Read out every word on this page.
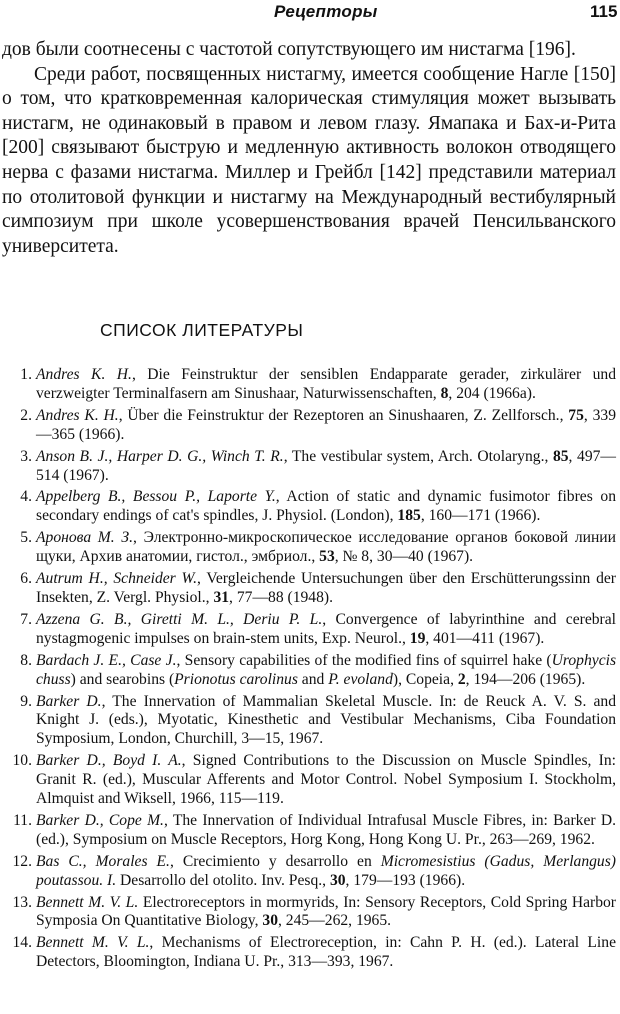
Рецепторы	115

дов были соотнесены с частотой сопутствующего им нистагма [196].

Среди работ, посвященных нистагму, имеется сообщение Нагле [150] о том, что кратковременная калорическая стимуляция может вызывать нистагм, не одинаковый в правом и левом глазу. Ямапака и Бах-и-Рита [200] связывают быструю и медленную активность волокон отводящего нерва с фазами нистагма. Миллер и Грейбл [142] представили материал по отолитовой функции и нистагму на Международный вестибулярный симпозиум при школе усовершенствования врачей Пенсильванского университета.

СПИСОК ЛИТЕРАТУРЫ
1. Andres K. H., Die Feinstruktur der sensiblen Endapparate gerader, zirkulärer und verzweigter Terminalfasern am Sinushaar, Naturwissenschaften, 8, 204 (1966a).
2. Andres K. H., Über die Feinstruktur der Rezeptoren an Sinushaaren, Z. Zellforsch., 75, 339—365 (1966).
3. Anson B. J., Harper D. G., Winch T. R., The vestibular system, Arch. Otolaryng., 85, 497—514 (1967).
4. Appelberg B., Bessou P., Laporte Y., Action of static and dynamic fusimotor fibres on secondary endings of cat's spindles, J. Physiol. (London), 185, 160—171 (1966).
5. Аронова М. З., Электронно-микроскопическое исследование органов боковой линии щуки, Архив анатомии, гистол., эмбриол., 53, № 8, 30—40 (1967).
6. Autrum H., Schneider W., Vergleichende Untersuchungen über den Erschütterungssinn der Insekten, Z. Vergl. Physiol., 31, 77—88 (1948).
7. Azzena G. B., Giretti M. L., Deriu P. L., Convergence of labyrinthine and cerebral nystagmogenic impulses on brain-stem units, Exp. Neurol., 19, 401—411 (1967).
8. Bardach J. E., Case J., Sensory capabilities of the modified fins of squirrel hake (Urophycis chuss) and searobins (Prionotus carolinus and P. evoland), Copeia, 2, 194—206 (1965).
9. Barker D., The Innervation of Mammalian Skeletal Muscle. In: de Reuck A. V. S. and Knight J. (eds.), Myotatic, Kinesthetic and Vestibular Mechanisms, Ciba Foundation Symposium, London, Churchill, 3—15, 1967.
10. Barker D., Boyd I. A., Signed Contributions to the Discussion on Muscle Spindles, In: Granit R. (ed.), Muscular Afferents and Motor Control. Nobel Symposium I. Stockholm, Almquist and Wiksell, 1966, 115—119.
11. Barker D., Cope M., The Innervation of Individual Intrafusal Muscle Fibres, in: Barker D. (ed.), Symposium on Muscle Receptors, Horg Kong, Hong Kong U. Pr., 263—269, 1962.
12. Bas C., Morales E., Crecimiento y desarrollo en Micromesistius (Gadus, Merlangus) poutassou. I. Desarrollo del otolito. Inv. Pesq., 30, 179—193 (1966).
13. Bennett M. V. L. Electroreceptors in mormyrids, In: Sensory Receptors, Cold Spring Harbor Symposia On Quantitative Biology, 30, 245—262, 1965.
14. Bennett M. V. L., Mechanisms of Electroreception, in: Cahn P. H. (ed.). Lateral Line Detectors, Bloomington, Indiana U. Pr., 313—393, 1967.
